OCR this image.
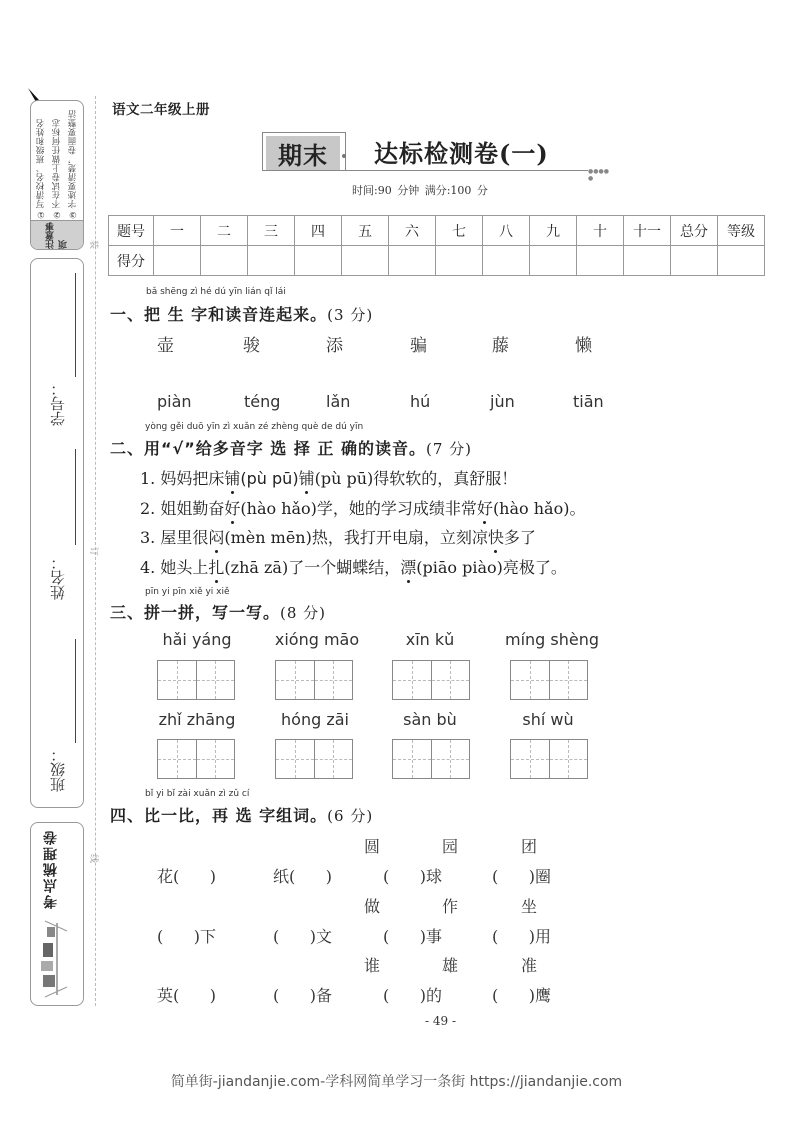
①写清校名、班级和姓名 ②不在试卷上做任何标志 ③字迹要清楚，卷面要整洁
注意事项
学号：
姓名：
班级：
考点梳理卷
装
订
线
语文二年级上册
期末	达标检测卷(一)
●●●● ●
时间:90 分钟 满分:100 分
题号	一	二	三	四	五	六	七	八	九	十	十一	总分	等级
得分													
bǎ shēng zì hé dú yīn lián qǐ lái
一、把 生 字和读音连起来。(3 分)
壶	骏	添	骗	藤	懒
piàn	téng	lǎn	hú	jùn	tiān
yòng gěi duō yīn zì xuǎn zé zhèng què de dú yīn
二、用“√”给多音字 选 择 正 确的读音。(7 分)
1. 妈妈把床铺(pù pū)铺(pù pū)得软软的，真舒服！
2. 姐姐勤奋好(hào hǎo)学，她的学习成绩非常好(hào hǎo)。
3. 屋里很闷(mèn mēn)热，我打开电扇，立刻凉快多了
4. 她头上扎(zhā zā)了一个蝴蝶结，漂(piāo piào)亮极了。
pīn yi pīn xiě yi xiě
三、拼一拼，写一写。(8 分)
hǎi yáng	xióng māo	xīn kǔ	míng shèng
zhǐ zhāng	hóng zāi	sàn bù	shí wù
bǐ yi bǐ zài xuǎn zì zǔ cí
四、比一比，再 选 字组词。(6 分)
圆	园	团
花(      )	纸(      )	(      )球	(      )圈
做	作	坐
(      )下	(      )文	(      )事	(      )用
谁	雄	准
英(      )	(      )备	(      )的	(      )鹰
- 49 -
简单街-jiandanjie.com-学科网简单学习一条街 https://jiandanjie.com
